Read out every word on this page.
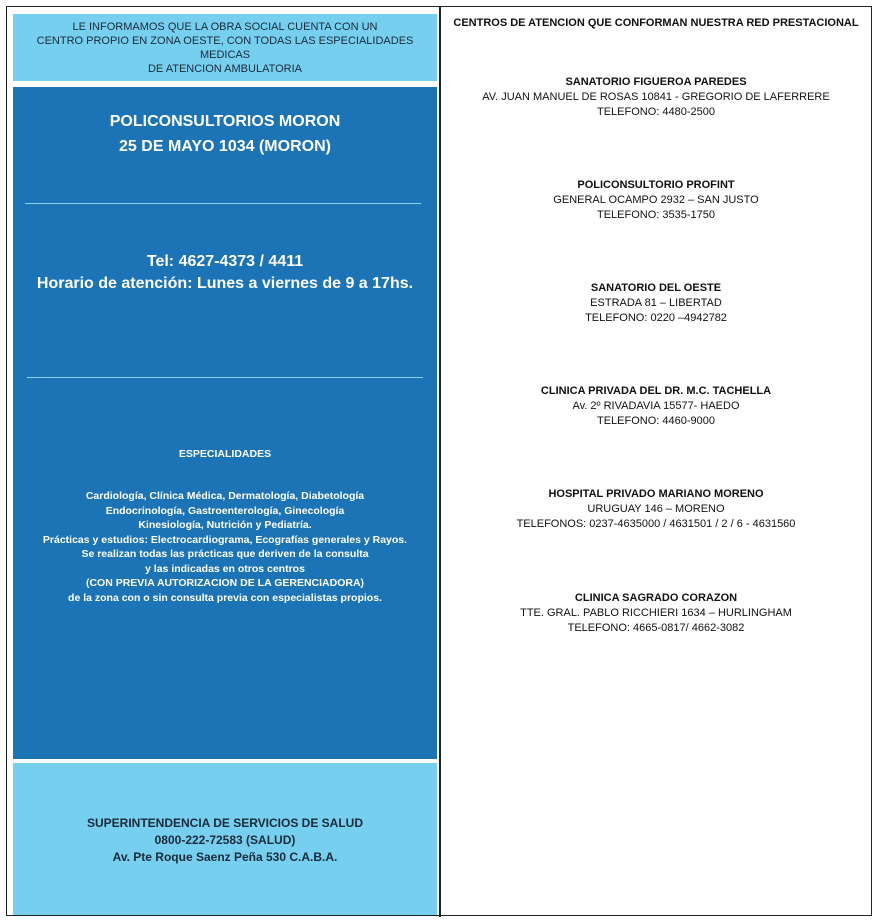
LE INFORMAMOS QUE LA OBRA SOCIAL CUENTA CON UN
CENTRO PROPIO EN ZONA OESTE, CON TODAS LAS ESPECIALIDADES MEDICAS
DE ATENCION AMBULATORIA
POLICONSULTORIOS MORON
25 DE MAYO 1034 (MORON)
Tel: 4627-4373 / 4411
Horario de atención: Lunes a viernes de 9 a 17hs.
ESPECIALIDADES
Cardiología, Clínica Médica, Dermatología, Diabetología
Endocrinología, Gastroenterología, Ginecología
Kinesiología, Nutrición y Pediatría.
Prácticas y estudios: Electrocardiograma, Ecografías generales y Rayos.
Se realizan todas las prácticas que deriven de la consulta
y las indicadas en otros centros
(CON PREVIA AUTORIZACION DE LA GERENCIADORA)
de la zona con o sin consulta previa con especialistas propios.
SUPERINTENDENCIA DE SERVICIOS DE SALUD
0800-222-72583 (SALUD)
Av. Pte Roque Saenz Peña 530 C.A.B.A.
CENTROS DE ATENCION QUE CONFORMAN NUESTRA RED PRESTACIONAL
SANATORIO FIGUEROA PAREDES
AV. JUAN MANUEL DE ROSAS 10841 - GREGORIO DE LAFERRERE
TELEFONO: 4480-2500
POLICONSULTORIO PROFINT
GENERAL OCAMPO 2932 – SAN JUSTO
TELEFONO: 3535-1750
SANATORIO DEL OESTE
ESTRADA 81 – LIBERTAD
TELEFONO: 0220 –4942782
CLINICA PRIVADA DEL DR. M.C. TACHELLA
Av. 2º RIVADAVIA 15577- HAEDO
TELEFONO: 4460-9000
HOSPITAL PRIVADO MARIANO MORENO
URUGUAY 146 – MORENO
TELEFONOS: 0237-4635000 / 4631501 / 2 / 6 - 4631560
CLINICA SAGRADO CORAZON
TTE. GRAL. PABLO RICCHIERI 1634 – HURLINGHAM
TELEFONO: 4665-0817/ 4662-3082
